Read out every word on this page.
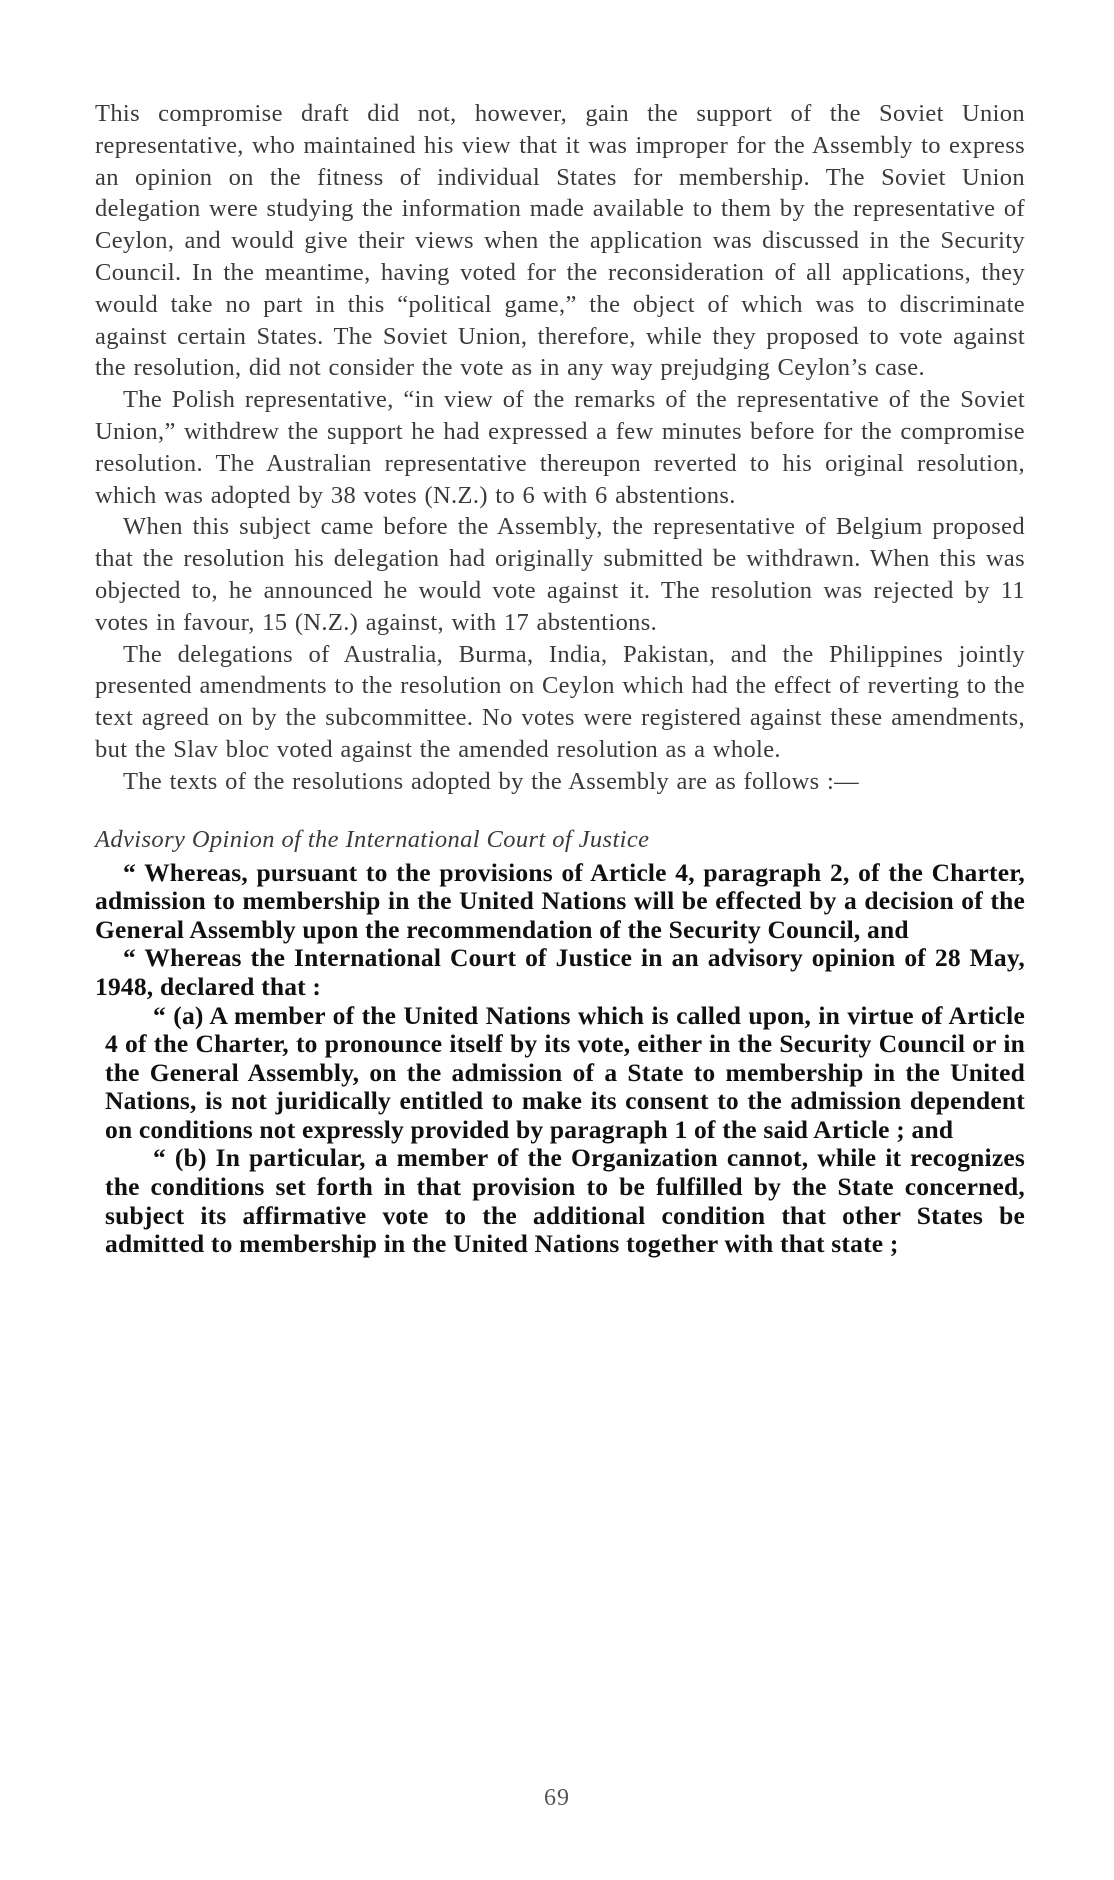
This compromise draft did not, however, gain the support of the Soviet Union representative, who maintained his view that it was improper for the Assembly to express an opinion on the fitness of individual States for membership. The Soviet Union delegation were studying the information made available to them by the representative of Ceylon, and would give their views when the application was discussed in the Security Council. In the meantime, having voted for the reconsideration of all applications, they would take no part in this “political game,” the object of which was to discriminate against certain States. The Soviet Union, therefore, while they proposed to vote against the resolution, did not consider the vote as in any way prejudging Ceylon’s case.

The Polish representative, “in view of the remarks of the representative of the Soviet Union,” withdrew the support he had expressed a few minutes before for the compromise resolution. The Australian representative thereupon reverted to his original resolution, which was adopted by 38 votes (N.Z.) to 6 with 6 abstentions.

When this subject came before the Assembly, the representative of Belgium proposed that the resolution his delegation had originally submitted be withdrawn. When this was objected to, he announced he would vote against it. The resolution was rejected by 11 votes in favour, 15 (N.Z.) against, with 17 abstentions.

The delegations of Australia, Burma, India, Pakistan, and the Philippines jointly presented amendments to the resolution on Ceylon which had the effect of reverting to the text agreed on by the subcommittee. No votes were registered against these amendments, but the Slav bloc voted against the amended resolution as a whole.

The texts of the resolutions adopted by the Assembly are as follows :—

Advisory Opinion of the International Court of Justice

“ Whereas, pursuant to the provisions of Article 4, paragraph 2, of the Charter, admission to membership in the United Nations will be effected by a decision of the General Assembly upon the recommendation of the Security Council, and

“ Whereas the International Court of Justice in an advisory opinion of 28 May, 1948, declared that :

“ (a) A member of the United Nations which is called upon, in virtue of Article 4 of the Charter, to pronounce itself by its vote, either in the Security Council or in the General Assembly, on the admission of a State to membership in the United Nations, is not juridically entitled to make its consent to the admission dependent on conditions not expressly provided by paragraph 1 of the said Article ; and

“ (b) In particular, a member of the Organization cannot, while it recognizes the conditions set forth in that provision to be fulfilled by the State concerned, subject its affirmative vote to the additional condition that other States be admitted to membership in the United Nations together with that state ;

69
